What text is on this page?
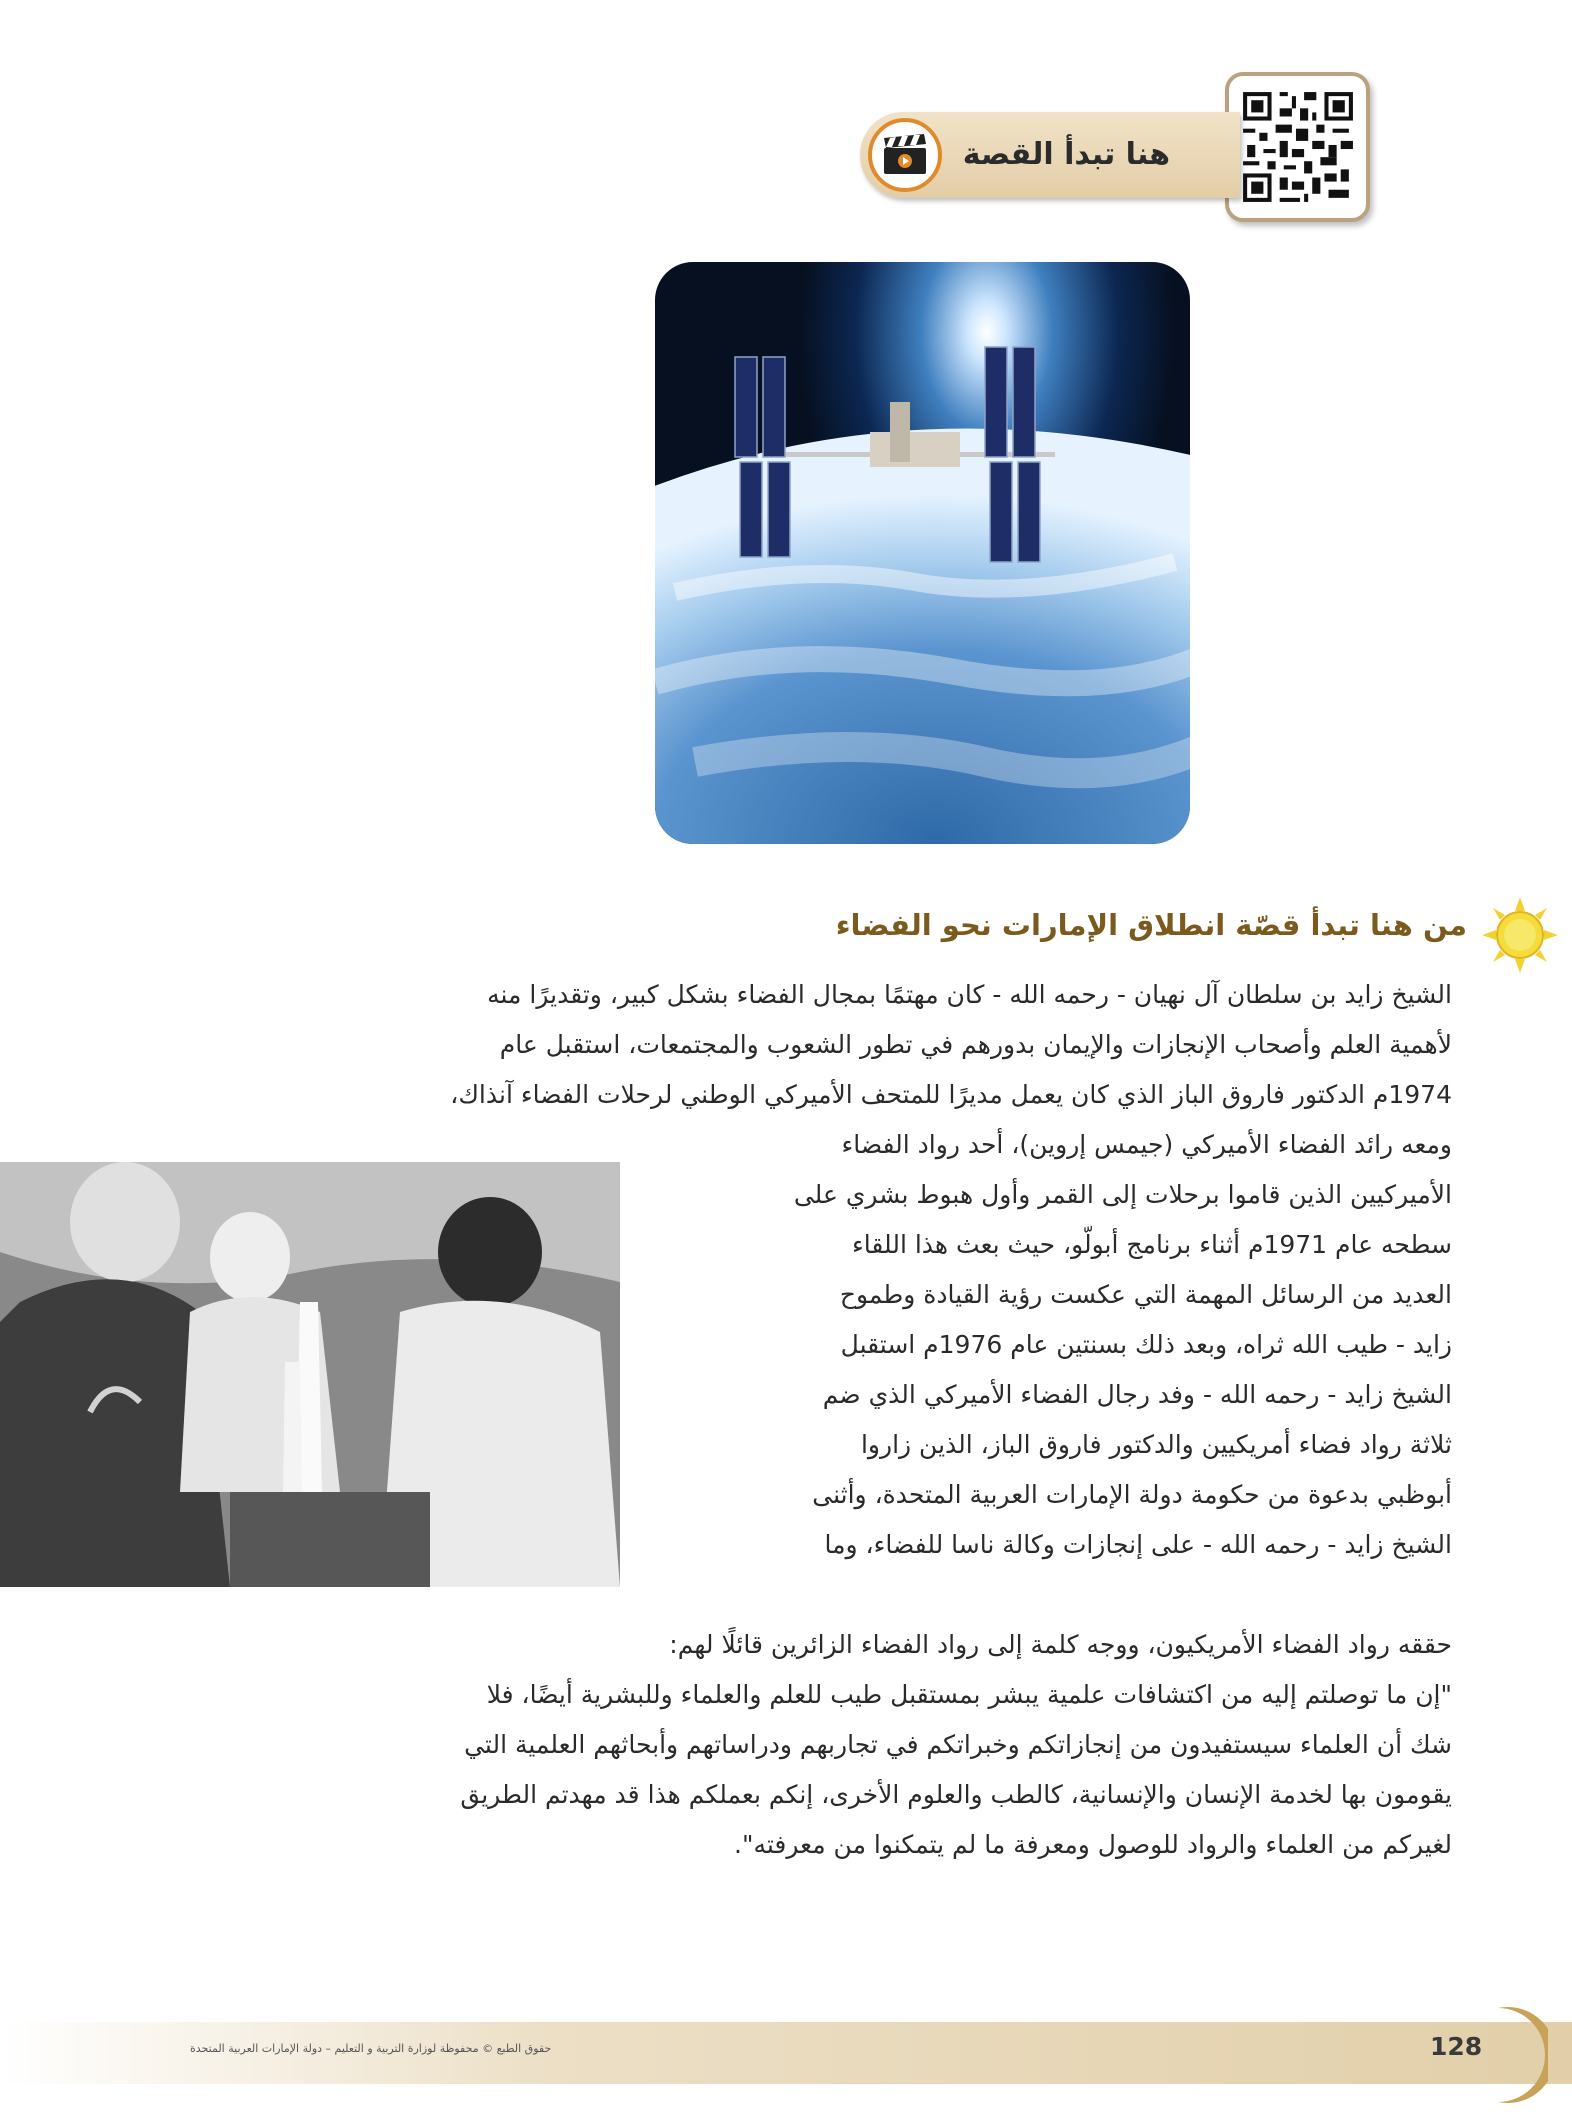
هنا تبدأ القصة
من هنا تبدأ قصّة انطلاق الإمارات نحو الفضاء
الشيخ زايد بن سلطان آل نهيان - رحمه الله - كان مهتمًا بمجال الفضاء بشكل كبير، وتقديرًا منه
لأهمية العلم وأصحاب الإنجازات والإيمان بدورهم في تطور الشعوب والمجتمعات، استقبل عام
1974م الدكتور فاروق الباز الذي كان يعمل مديرًا للمتحف الأميركي الوطني لرحلات الفضاء آنذاك،
ومعه رائد الفضاء الأميركي (جيمس إروين)، أحد رواد الفضاء
الأميركيين الذين قاموا برحلات إلى القمر وأول هبوط بشري على
سطحه عام 1971م أثناء برنامج أبولّو، حيث بعث هذا اللقاء
العديد من الرسائل المهمة التي عكست رؤية القيادة وطموح
زايد - طيب الله ثراه، وبعد ذلك بسنتين عام 1976م استقبل
الشيخ زايد - رحمه الله - وفد رجال الفضاء الأميركي الذي ضم
ثلاثة رواد فضاء أمريكيين والدكتور فاروق الباز، الذين زاروا
أبوظبي بدعوة من حكومة دولة الإمارات العربية المتحدة، وأثنى
الشيخ زايد - رحمه الله - على إنجازات وكالة ناسا للفضاء، وما
حققه رواد الفضاء الأمريكيون، ووجه كلمة إلى رواد الفضاء الزائرين قائلًا لهم:
"إن ما توصلتم إليه من اكتشافات علمية يبشر بمستقبل طيب للعلم والعلماء وللبشرية أيضًا، فلا
شك أن العلماء سيستفيدون من إنجازاتكم وخبراتكم في تجاربهم ودراساتهم وأبحاثهم العلمية التي
يقومون بها لخدمة الإنسان والإنسانية، كالطب والعلوم الأخرى، إنكم بعملكم هذا قد مهدتم الطريق
لغيركم من العلماء والرواد للوصول ومعرفة ما لم يتمكنوا من معرفته".
حقوق الطبع © محفوظة لوزارة التربية و التعليم – دولة الإمارات العربية المتحدة	128
